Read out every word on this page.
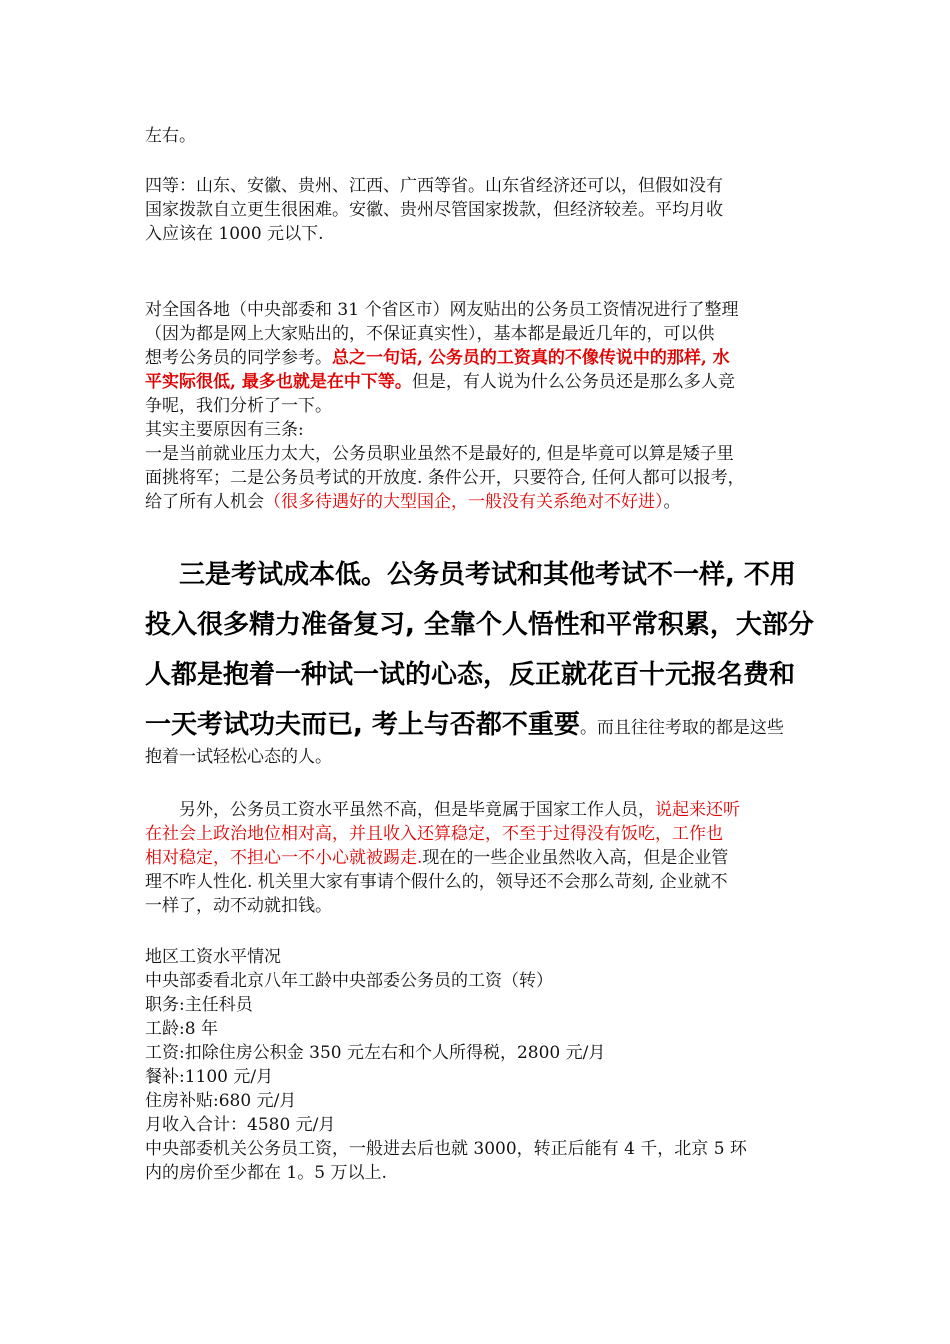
左右。

四等：山东、安徽、贵州、江西、广西等省。山东省经济还可以，但假如没有
国家拨款自立更生很困难。安徽、贵州尽管国家拨款，但经济较差。平均月收
入应该在 1000 元以下.

对全国各地（中央部委和 31 个省区市）网友贴出的公务员工资情况进行了整理
（因为都是网上大家贴出的，不保证真实性），基本都是最近几年的，可以供
想考公务员的同学参考。总之一句话, 公务员的工资真的不像传说中的那样, 水
平实际很低, 最多也就是在中下等。但是，有人说为什么公务员还是那么多人竞
争呢，我们分析了一下。
其实主要原因有三条:
一是当前就业压力太大，公务员职业虽然不是最好的, 但是毕竟可以算是矮子里
面挑将军；二是公务员考试的开放度. 条件公开，只要符合, 任何人都可以报考，
给了所有人机会（很多待遇好的大型国企，一般没有关系绝对不好进）。

三是考试成本低。公务员考试和其他考试不一样, 不用
投入很多精力准备复习, 全靠个人悟性和平常积累，大部分
人都是抱着一种试一试的心态，反正就花百十元报名费和
一天考试功夫而已, 考上与否都不重要。而且往往考取的都是这些
抱着一试轻松心态的人。

另外，公务员工资水平虽然不高，但是毕竟属于国家工作人员，说起来还听
在社会上政治地位相对高，并且收入还算稳定，不至于过得没有饭吃，工作也
相对稳定，不担心一不小心就被踢走.现在的一些企业虽然收入高，但是企业管
理不咋人性化. 机关里大家有事请个假什么的，领导还不会那么苛刻, 企业就不
一样了，动不动就扣钱。

地区工资水平情况
中央部委看北京八年工龄中央部委公务员的工资（转）
职务:主任科员
工龄:8 年
工资:扣除住房公积金 350 元左右和个人所得税，2800 元/月
餐补:1100 元/月
住房补贴:680 元/月
月收入合计：4580 元/月
中央部委机关公务员工资，一般进去后也就 3000，转正后能有 4 千，北京 5 环
内的房价至少都在 1。5 万以上.
